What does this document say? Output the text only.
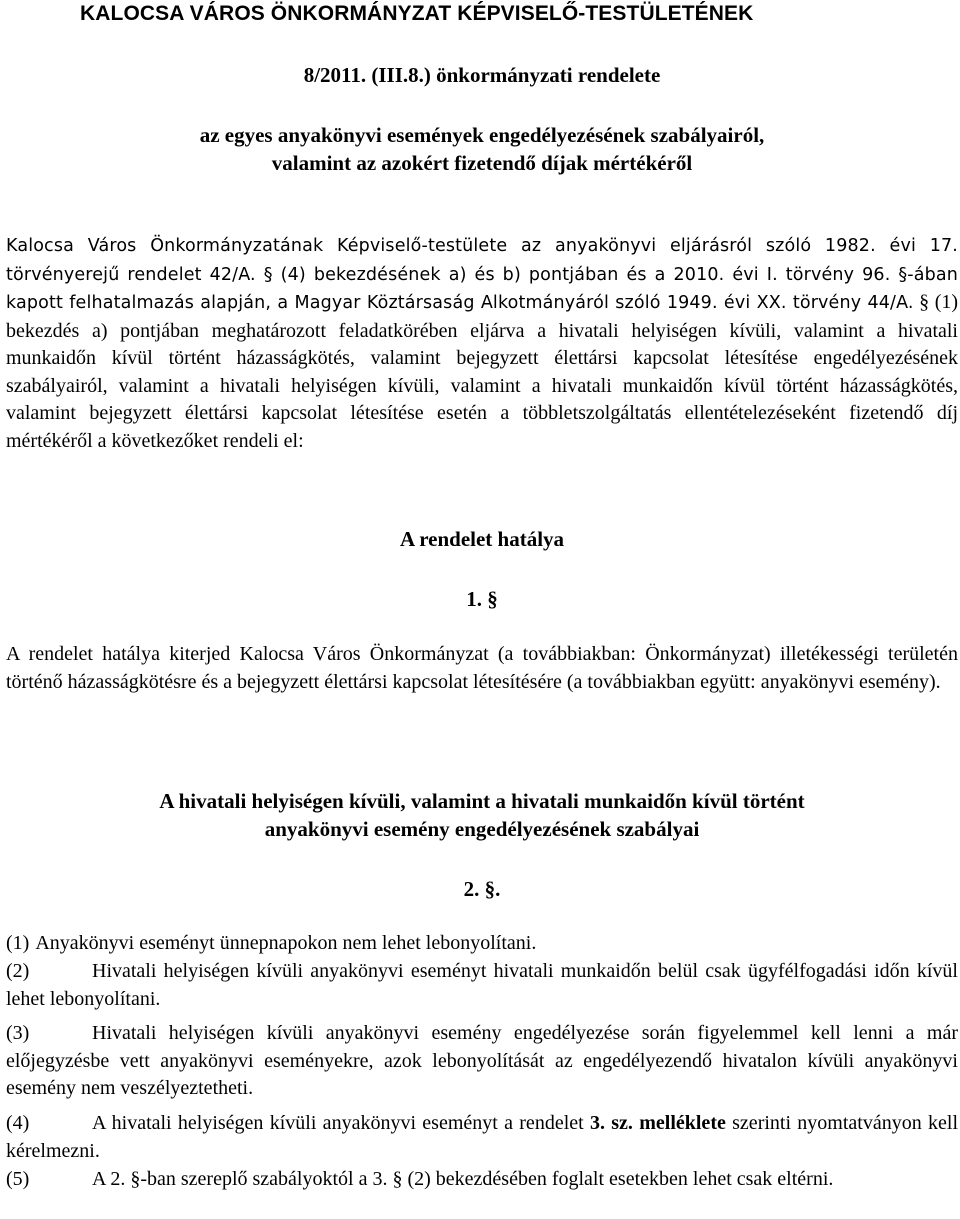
KALOCSA VÁROS ÖNKORMÁNYZAT KÉPVISELŐ-TESTÜLETÉNEK
8/2011. (III.8.) önkormányzati rendelete
az egyes anyakönyvi események engedélyezésének szabályairól,
valamint az azokért fizetendő díjak mértékéről
Kalocsa Város Önkormányzatának Képviselő-testülete az anyakönyvi eljárásról szóló 1982. évi 17. törvényerejű rendelet 42/A. § (4) bekezdésének a) és b) pontjában és a 2010. évi I. törvény 96. §-ában kapott felhatalmazás alapján, a Magyar Köztársaság Alkotmányáról szóló 1949. évi XX. törvény 44/A. § (1) bekezdés a) pontjában meghatározott feladatkörében eljárva a hivatali helyiségen kívüli, valamint a hivatali munkaidőn kívül történt házasságkötés, valamint bejegyzett élettársi kapcsolat létesítése engedélyezésének szabályairól, valamint a hivatali helyiségen kívüli, valamint a hivatali munkaidőn kívül történt házasságkötés, valamint bejegyzett élettársi kapcsolat létesítése esetén a többletszolgáltatás ellentételezéseként fizetendő díj mértékéről a következőket rendeli el:
A rendelet hatálya
1. §
A rendelet hatálya kiterjed Kalocsa Város Önkormányzat (a továbbiakban: Önkormányzat) illetékességi területén történő házasságkötésre és a bejegyzett élettársi kapcsolat létesítésére (a továbbiakban együtt: anyakönyvi esemény).
A hivatali helyiségen kívüli, valamint a hivatali munkaidőn kívül történt
anyakönyvi esemény engedélyezésének szabályai
2. §.
(1) Anyakönyvi eseményt ünnepnapokon nem lehet lebonyolítani.
(2)	Hivatali helyiségen kívüli anyakönyvi eseményt hivatali munkaidőn belül csak ügyfélfogadási időn kívül lehet lebonyolítani.
(3)	Hivatali helyiségen kívüli anyakönyvi esemény engedélyezése során figyelemmel kell lenni a már előjegyzésbe vett anyakönyvi eseményekre, azok lebonyolítását az engedélyezendő hivatalon kívüli anyakönyvi esemény nem veszélyeztetheti.
(4)	A hivatali helyiségen kívüli anyakönyvi eseményt a rendelet 3. sz. melléklete szerinti nyomtatványon kell kérelmezni.
(5)	A 2. §-ban szereplő szabályoktól a 3. § (2) bekezdésében foglalt esetekben lehet csak eltérni.
